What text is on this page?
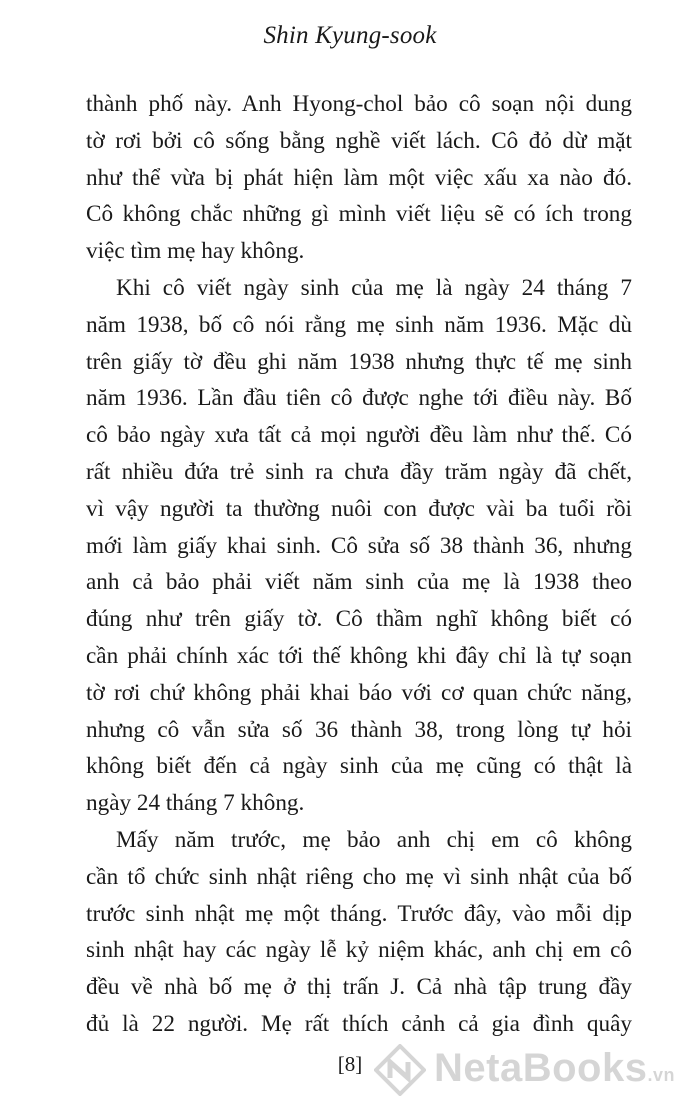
Shin Kyung-sook
thành phố này. Anh Hyong-chol bảo cô soạn nội dung
tờ rơi bởi cô sống bằng nghề viết lách. Cô đỏ dừ mặt
như thể vừa bị phát hiện làm một việc xấu xa nào đó.
Cô không chắc những gì mình viết liệu sẽ có ích trong
việc tìm mẹ hay không.
Khi cô viết ngày sinh của mẹ là ngày 24 tháng 7
năm 1938, bố cô nói rằng mẹ sinh năm 1936. Mặc dù
trên giấy tờ đều ghi năm 1938 nhưng thực tế mẹ sinh
năm 1936. Lần đầu tiên cô được nghe tới điều này. Bố
cô bảo ngày xưa tất cả mọi người đều làm như thế. Có
rất nhiều đứa trẻ sinh ra chưa đầy trăm ngày đã chết,
vì vậy người ta thường nuôi con được vài ba tuổi rồi
mới làm giấy khai sinh. Cô sửa số 38 thành 36, nhưng
anh cả bảo phải viết năm sinh của mẹ là 1938 theo
đúng như trên giấy tờ. Cô thầm nghĩ không biết có
cần phải chính xác tới thế không khi đây chỉ là tự soạn
tờ rơi chứ không phải khai báo với cơ quan chức năng,
nhưng cô vẫn sửa số 36 thành 38, trong lòng tự hỏi
không biết đến cả ngày sinh của mẹ cũng có thật là
ngày 24 tháng 7 không.
Mấy năm trước, mẹ bảo anh chị em cô không
cần tổ chức sinh nhật riêng cho mẹ vì sinh nhật của bố
trước sinh nhật mẹ một tháng. Trước đây, vào mỗi dịp
sinh nhật hay các ngày lễ kỷ niệm khác, anh chị em cô
đều về nhà bố mẹ ở thị trấn J. Cả nhà tập trung đầy
đủ là 22 người. Mẹ rất thích cảnh cả gia đình quây
[8]	NetaBooks.vn
